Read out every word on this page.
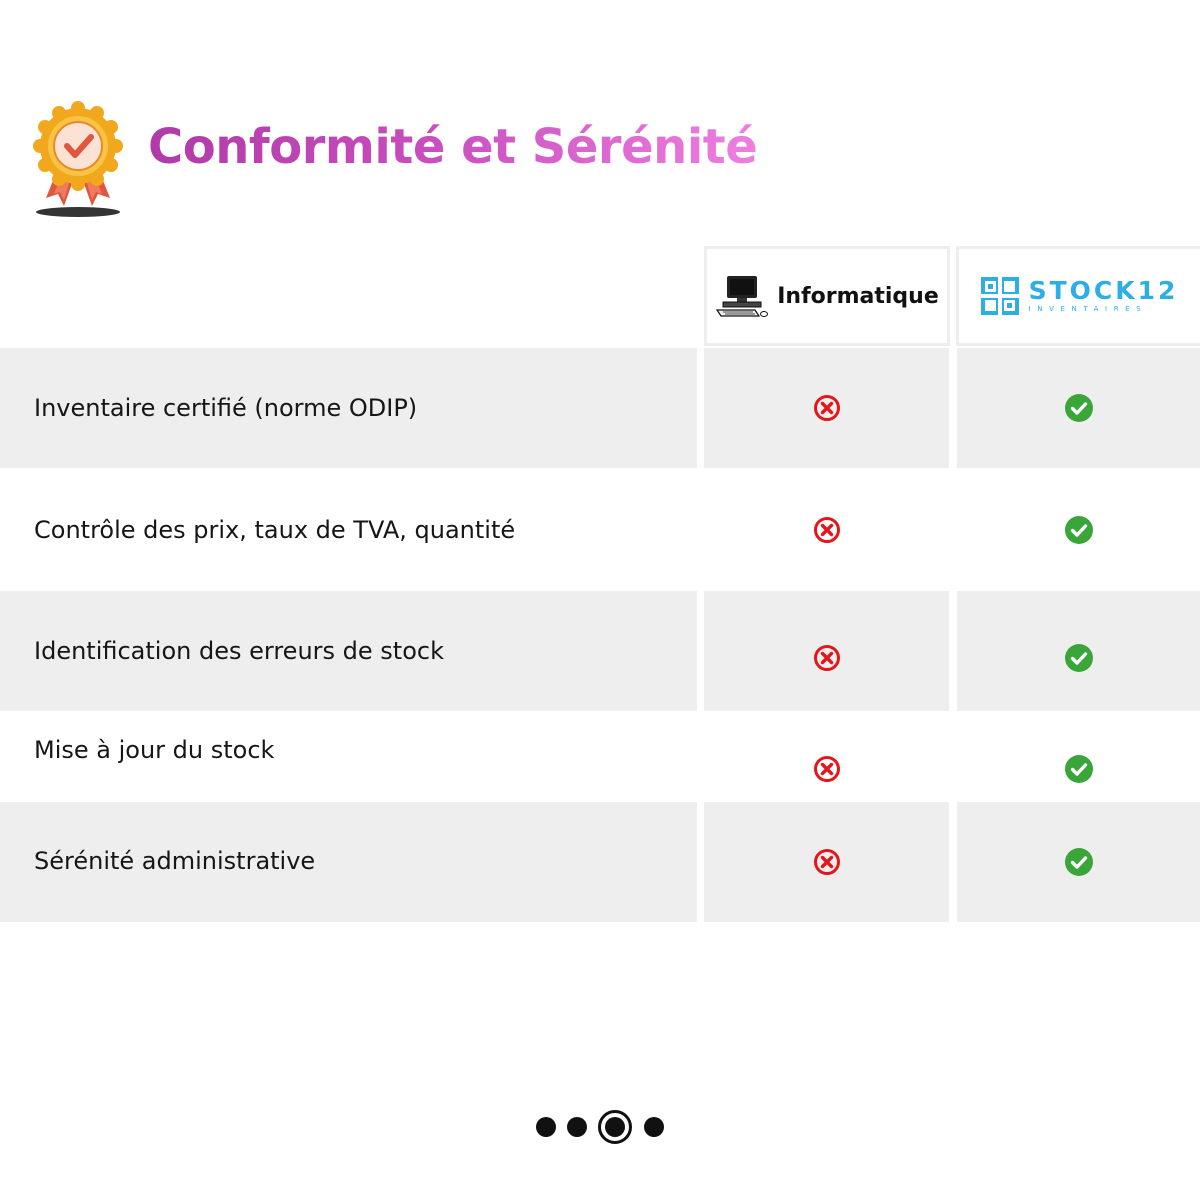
Conformité et Sérénité
Informatique	STOCK12
INVENTAIRES
Inventaire certifié (norme ODIP)
Contrôle des prix, taux de TVA, quantité
Identification des erreurs de stock
Mise à jour du stock
Sérénité administrative
